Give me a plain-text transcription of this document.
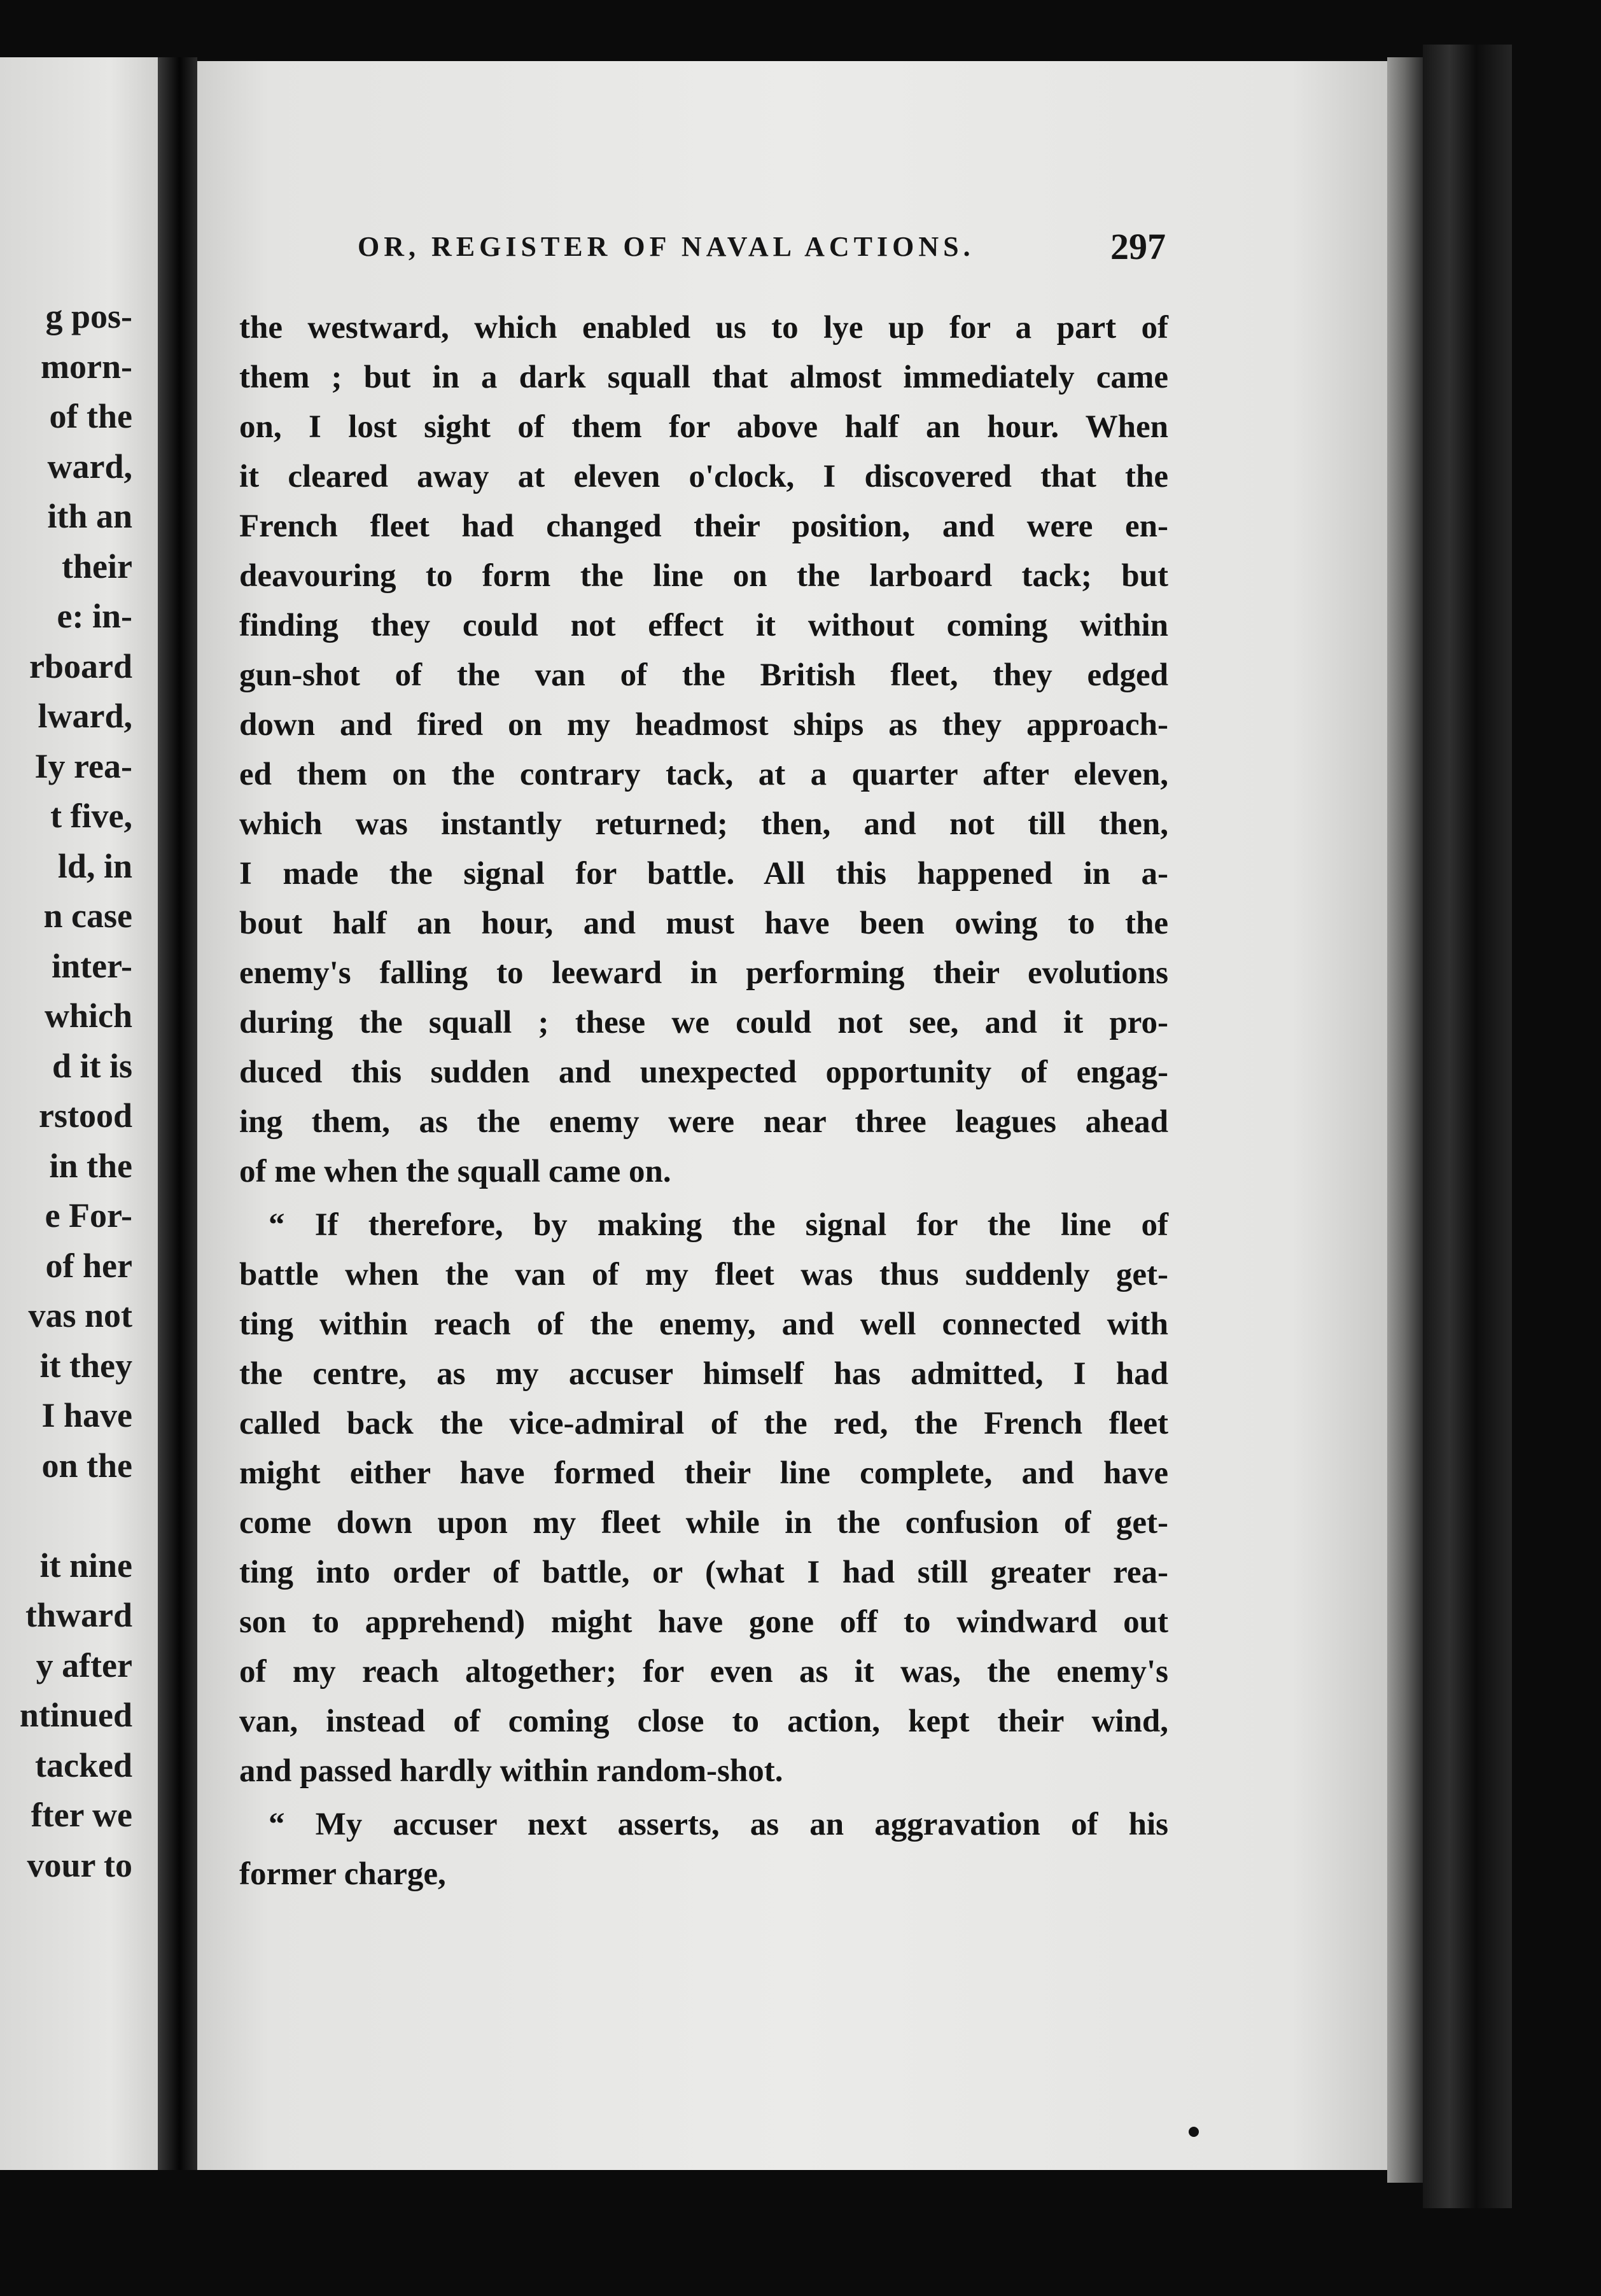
g pos-
morn-
of the
ward,
ith an
their
e: in-
rboard
lward,
Iy rea-
t five,
ld, in
n case
inter-
which
d it is
rstood
in the
e For-
of her
vas not
it they
I have
on the
it nine
thward
y after
ntinued
tacked
fter we
vour to
OR, REGISTER OF NAVAL ACTIONS.	297
the westward, which enabled us to lye up for a part of
them ; but in a dark squall that almost immediately came
on, I lost sight of them for above half an hour. When
it cleared away at eleven o'clock, I discovered that the
French fleet had changed their position, and were en-
deavouring to form the line on the larboard tack; but
finding they could not effect it without coming within
gun-shot of the van of the British fleet, they edged
down and fired on my headmost ships as they approach-
ed them on the contrary tack, at a quarter after eleven,
which was instantly returned; then, and not till then,
I made the signal for battle. All this happened in a-
bout half an hour, and must have been owing to the
enemy's falling to leeward in performing their evolutions
during the squall ; these we could not see, and it pro-
duced this sudden and unexpected opportunity of engag-
ing them, as the enemy were near three leagues ahead
of me when the squall came on.
“ If therefore, by making the signal for the line of
battle when the van of my fleet was thus suddenly get-
ting within reach of the enemy, and well connected with
the centre, as my accuser himself has admitted, I had
called back the vice-admiral of the red, the French fleet
might either have formed their line complete, and have
come down upon my fleet while in the confusion of get-
ting into order of battle, or (what I had still greater rea-
son to apprehend) might have gone off to windward out
of my reach altogether; for even as it was, the enemy's
van, instead of coming close to action, kept their wind,
and passed hardly within random-shot.
“ My accuser next asserts, as an aggravation of his
former charge,
